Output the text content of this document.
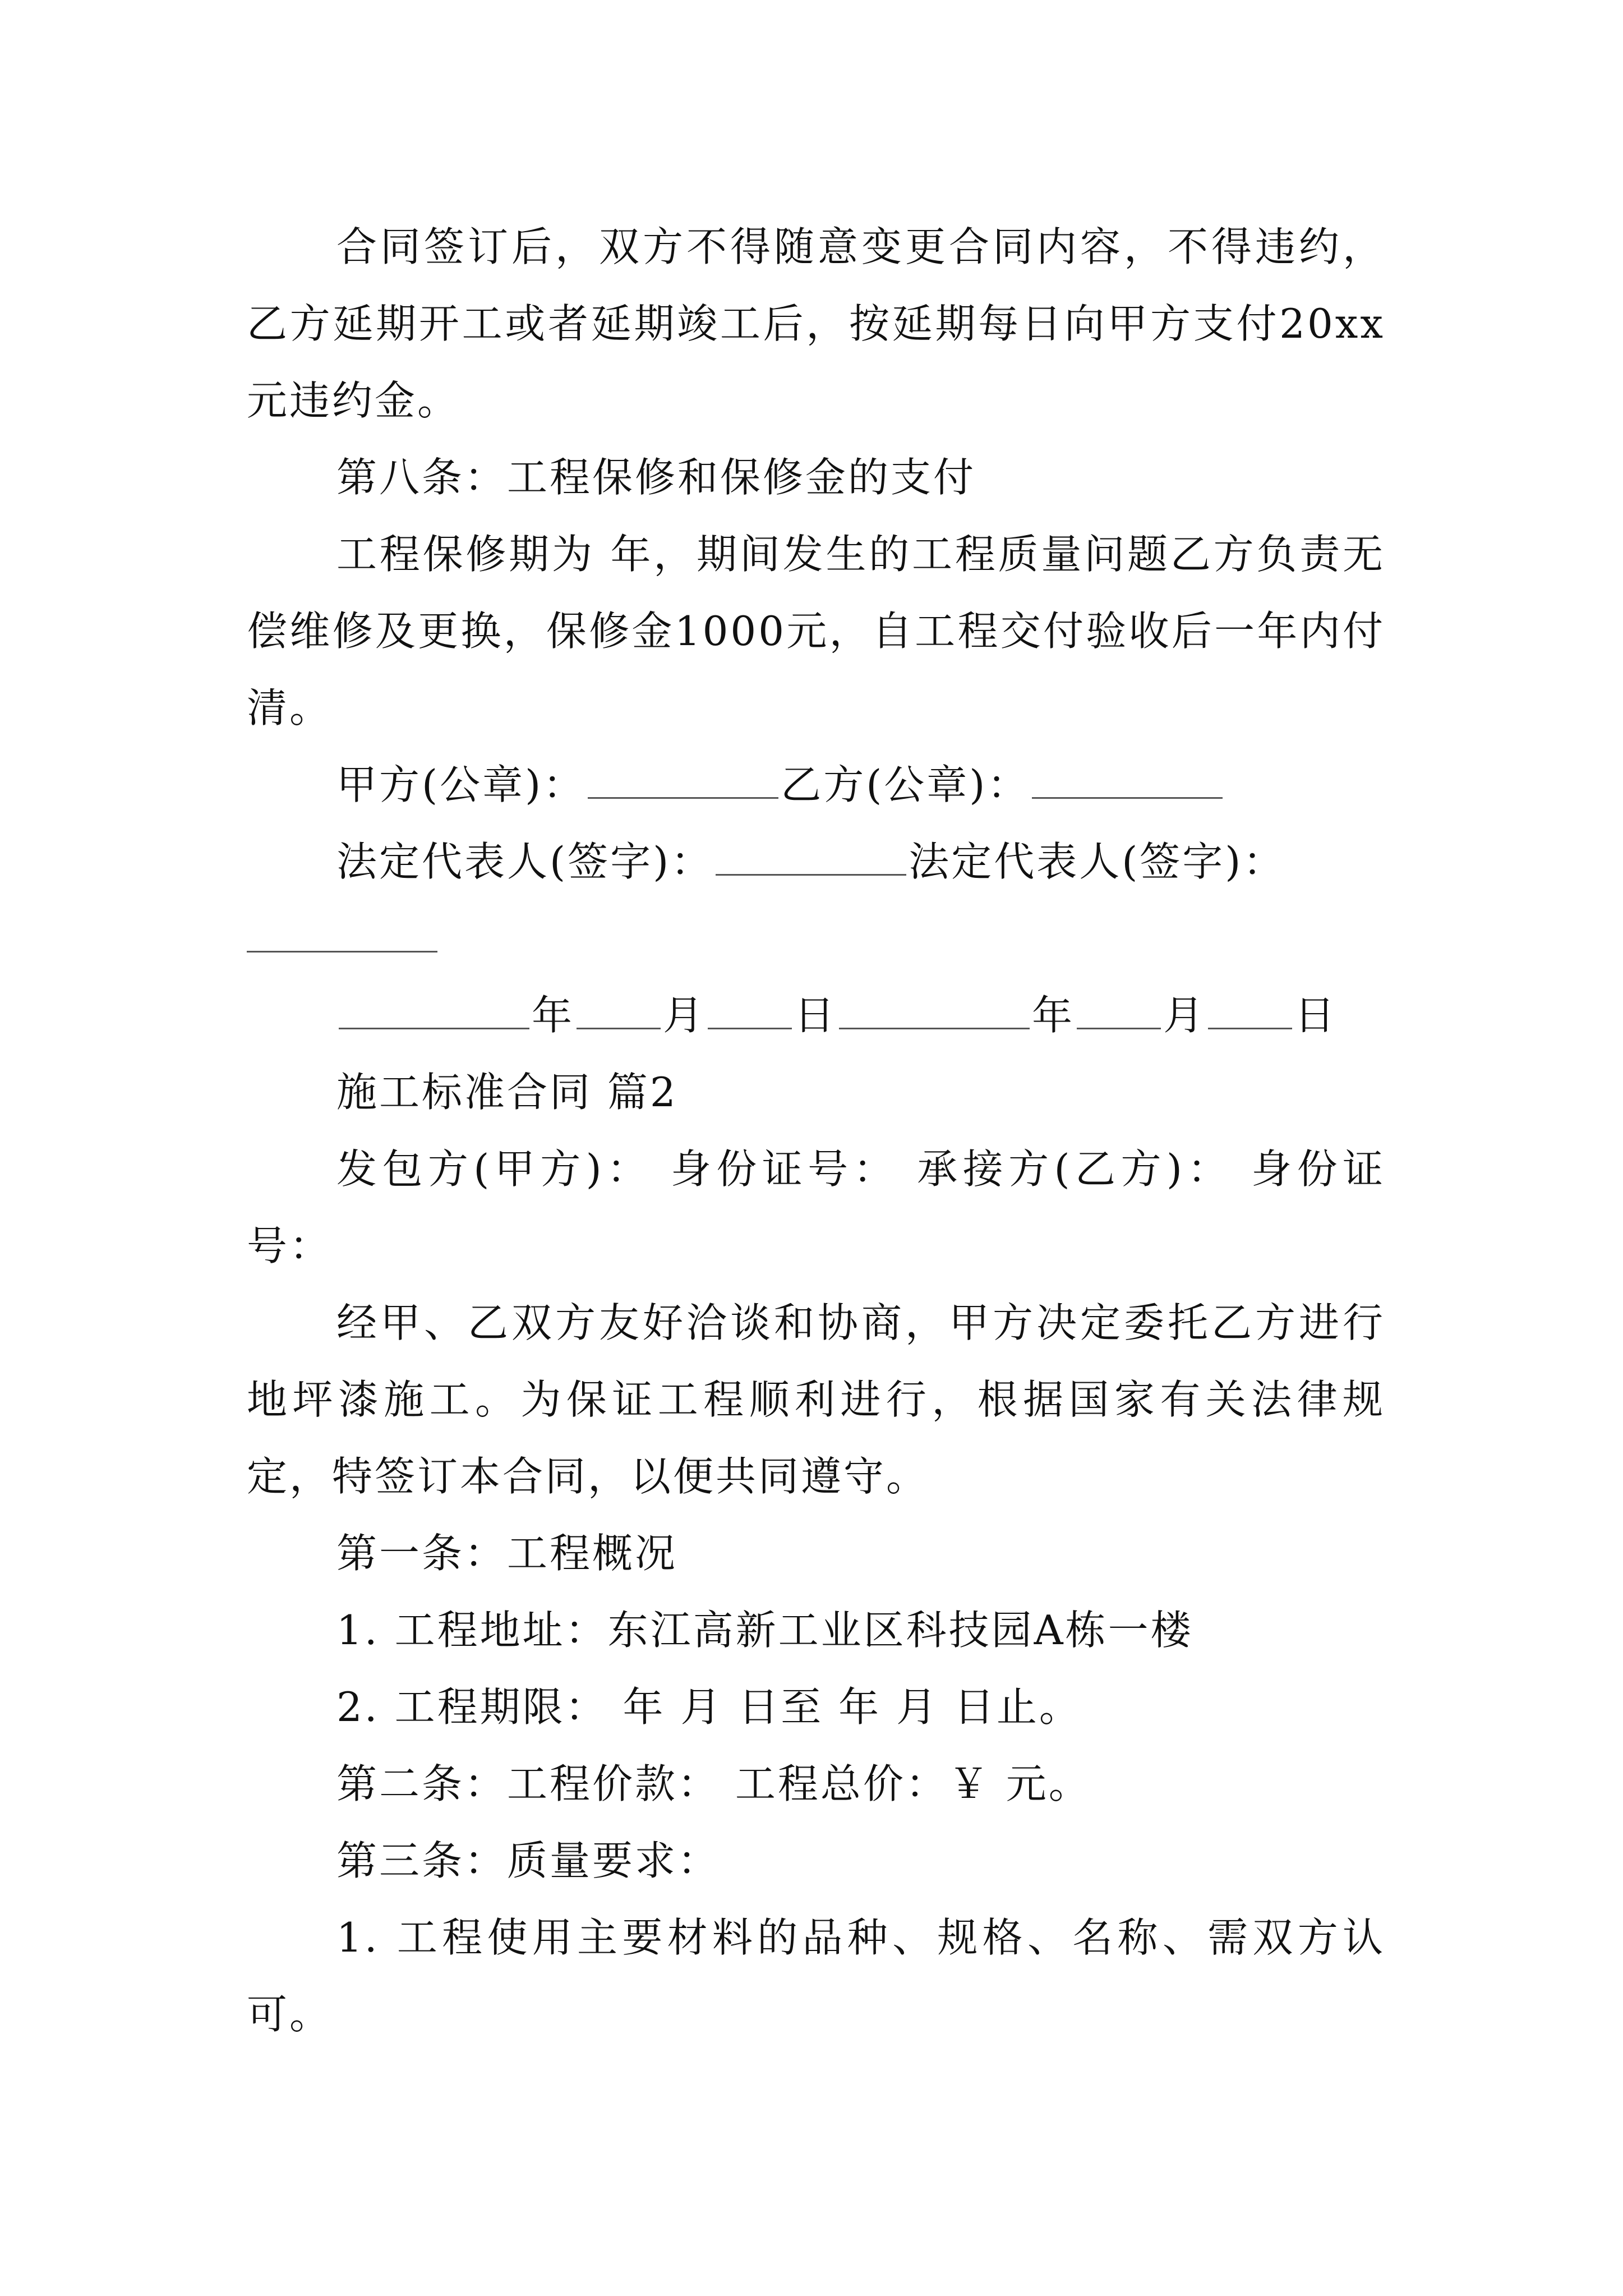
合同签订后，双方不得随意变更合同内容，不得违约，乙方延期开工或者延期竣工后，按延期每日向甲方支付20xx元违约金。

第八条：工程保修和保修金的支付

工程保修期为 年，期间发生的工程质量问题乙方负责无偿维修及更换，保修金1000元，自工程交付验收后一年内付清。

甲方(公章)：	乙方(公章)：

法定代表人(签字)：	法定代表人(签字)：

年 月 日	年 月 日

施工标准合同 篇2

发包方(甲方)： 身份证号： 承接方(乙方)： 身份证号：

经甲、乙双方友好洽谈和协商，甲方决定委托乙方进行地坪漆施工。为保证工程顺利进行，根据国家有关法律规定，特签订本合同，以便共同遵守。

第一条：工程概况

1. 工程地址：东江高新工业区科技园A栋一楼

2. 工程期限： 年 月 日至 年 月 日止。

第二条：工程价款： 工程总价：￥ 元。

第三条：质量要求：

1. 工程使用主要材料的品种、规格、名称、需双方认可。
